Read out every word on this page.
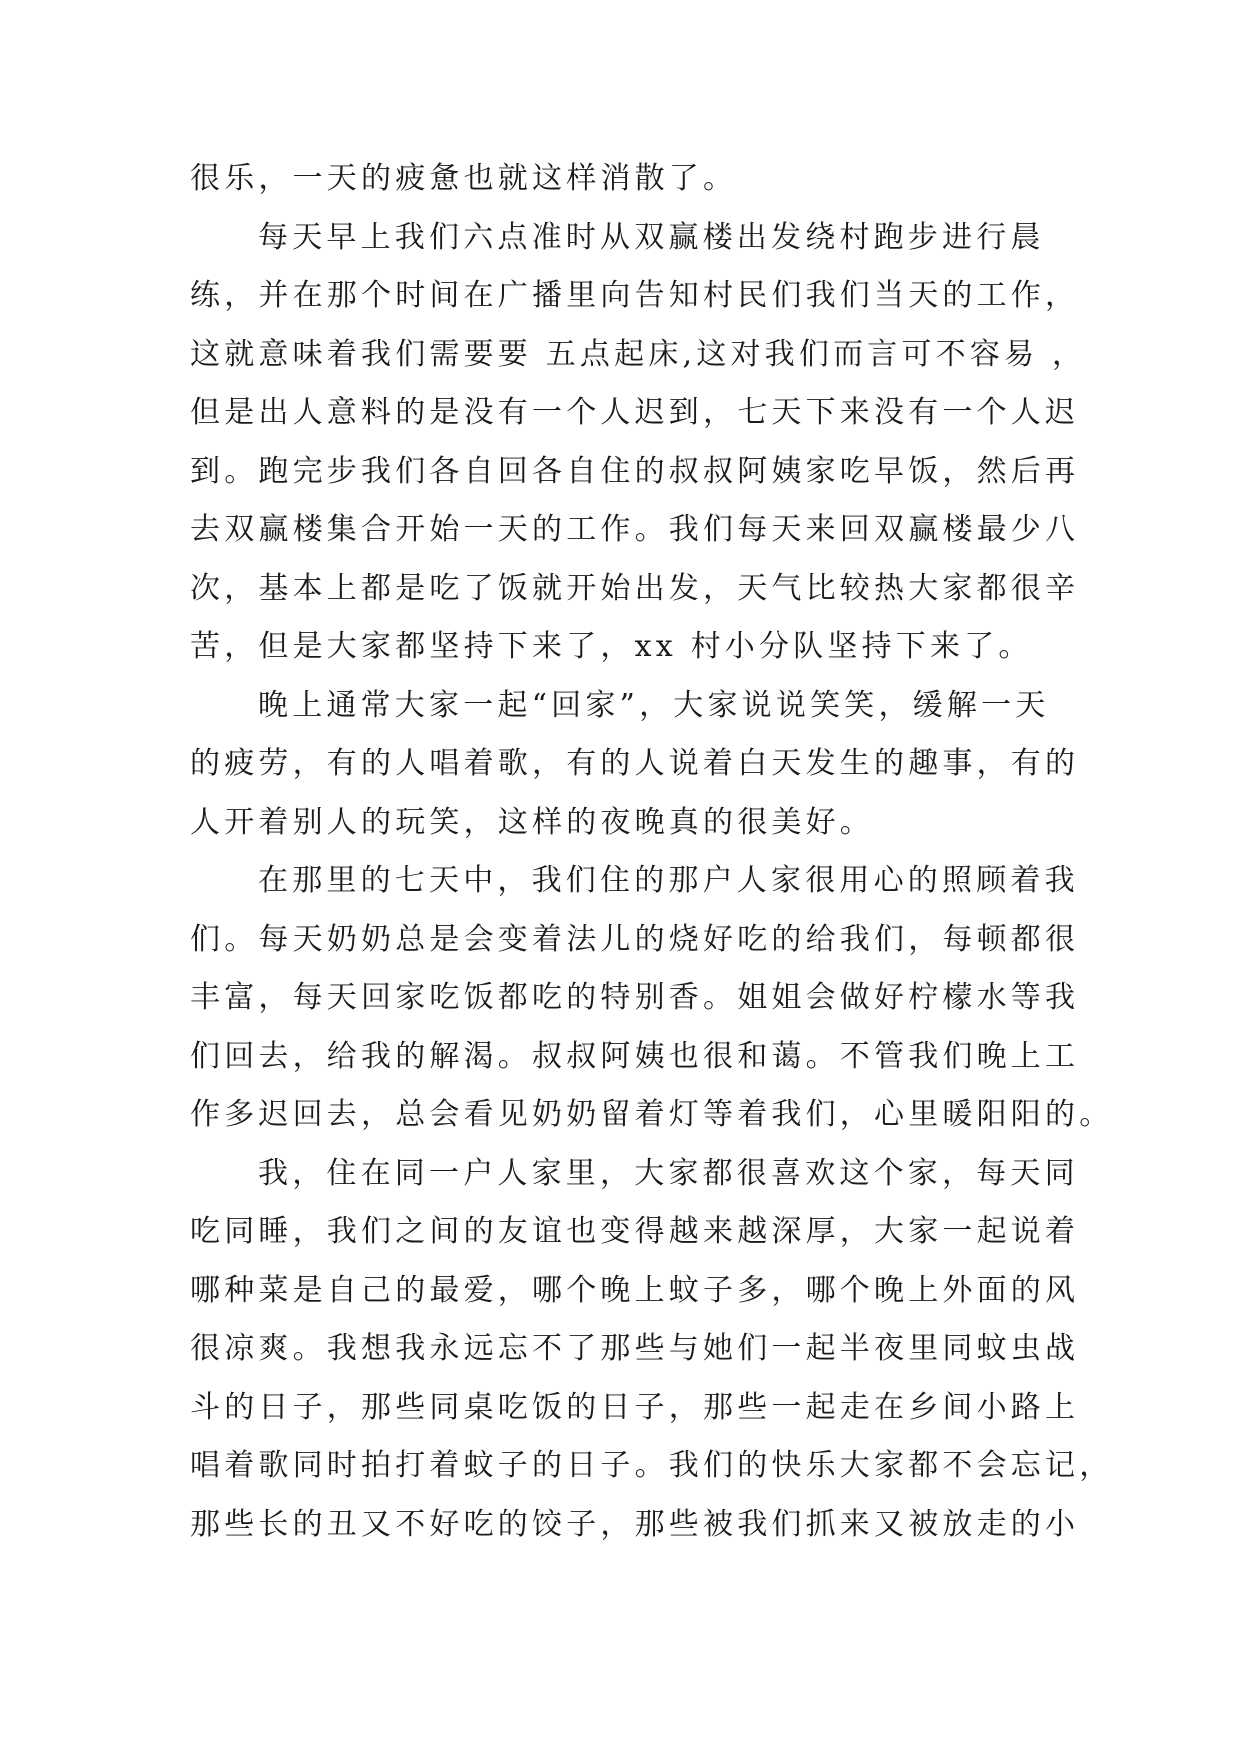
很乐，一天的疲惫也就这样消散了。
每天早上我们六点准时从双赢楼出发绕村跑步进行晨
练，并在那个时间在广播里向告知村民们我们当天的工作，
这就意味着我们需要要 五点起床,这对我们而言可不容易 ，
但是出人意料的是没有一个人迟到，七天下来没有一个人迟
到。跑完步我们各自回各自住的叔叔阿姨家吃早饭，然后再
去双赢楼集合开始一天的工作。我们每天来回双赢楼最少八
次，基本上都是吃了饭就开始出发，天气比较热大家都很辛
苦，但是大家都坚持下来了，xx 村小分队坚持下来了。
晚上通常大家一起“回家”，大家说说笑笑，缓解一天
的疲劳，有的人唱着歌，有的人说着白天发生的趣事，有的
人开着别人的玩笑，这样的夜晚真的很美好。
在那里的七天中，我们住的那户人家很用心的照顾着我
们。每天奶奶总是会变着法儿的烧好吃的给我们，每顿都很
丰富，每天回家吃饭都吃的特别香。姐姐会做好柠檬水等我
们回去，给我的解渴。叔叔阿姨也很和蔼。不管我们晚上工
作多迟回去，总会看见奶奶留着灯等着我们，心里暖阳阳的。
我，住在同一户人家里，大家都很喜欢这个家，每天同
吃同睡，我们之间的友谊也变得越来越深厚，大家一起说着
哪种菜是自己的最爱，哪个晚上蚊子多，哪个晚上外面的风
很凉爽。我想我永远忘不了那些与她们一起半夜里同蚊虫战
斗的日子，那些同桌吃饭的日子，那些一起走在乡间小路上
唱着歌同时拍打着蚊子的日子。我们的快乐大家都不会忘记，
那些长的丑又不好吃的饺子，那些被我们抓来又被放走的小
